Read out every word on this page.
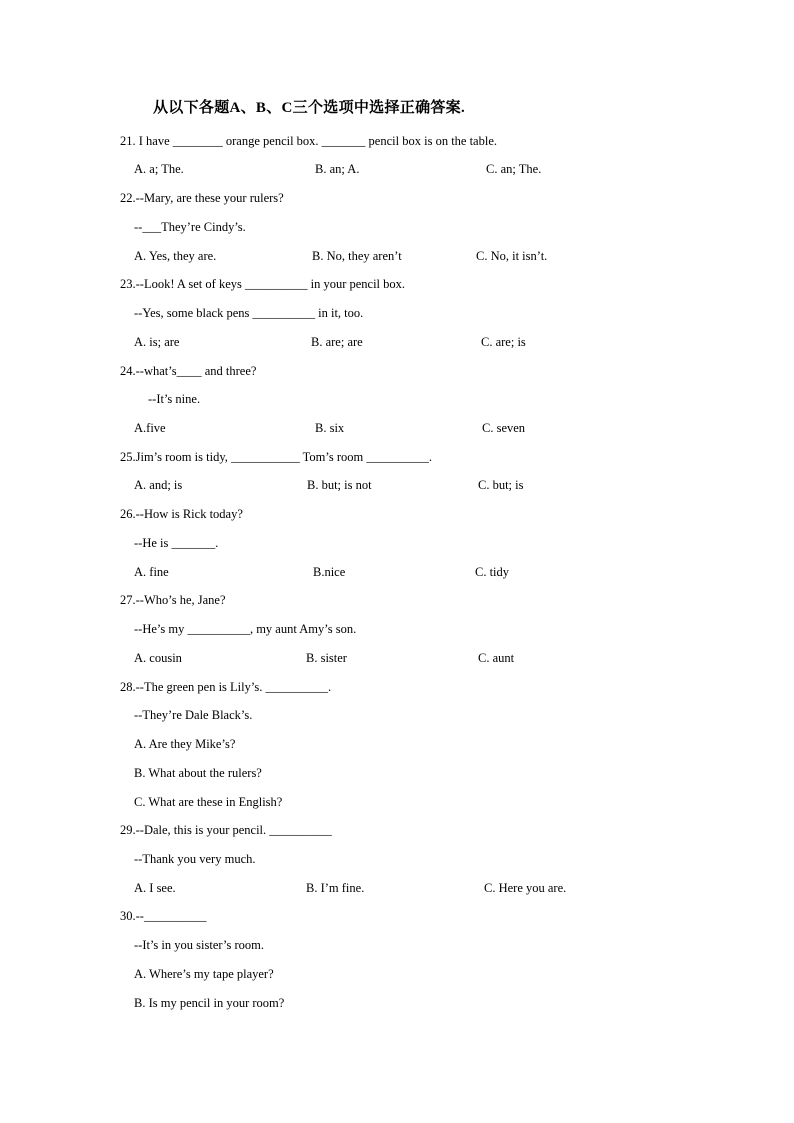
从以下各题A、B、C三个选项中选择正确答案.
21. I have ________ orange pencil box. _______ pencil box is on the table.
A. a; The.	B. an; A.	C. an; The.
22.--Mary, are these your rulers?
--___They’re Cindy’s.
A. Yes, they are.	B. No, they aren’t	C. No, it isn’t.
23.--Look! A set of keys __________ in your pencil box.
--Yes, some black pens __________ in it, too.
A. is; are	B. are; are	C. are; is
24.--what’s____ and three?
--It’s nine.
A.five	B. six	C. seven
25.Jim’s room is tidy, ___________ Tom’s room __________.
A. and; is	B. but; is not	C. but; is
26.--How is Rick today?
--He is _______.
A. fine	B.nice	C. tidy
27.--Who’s he, Jane?
--He’s my __________, my aunt Amy’s son.
A. cousin	B. sister	C. aunt
28.--The green pen is Lily’s. __________.
--They’re Dale Black’s.
A. Are they Mike’s?
B. What about the rulers?
C. What are these in English?
29.--Dale, this is your pencil. __________
--Thank you very much.
A. I see.	B. I’m fine.	C. Here you are.
30.--__________
--It’s in you sister’s room.
A. Where’s my tape player?
B. Is my pencil in your room?
